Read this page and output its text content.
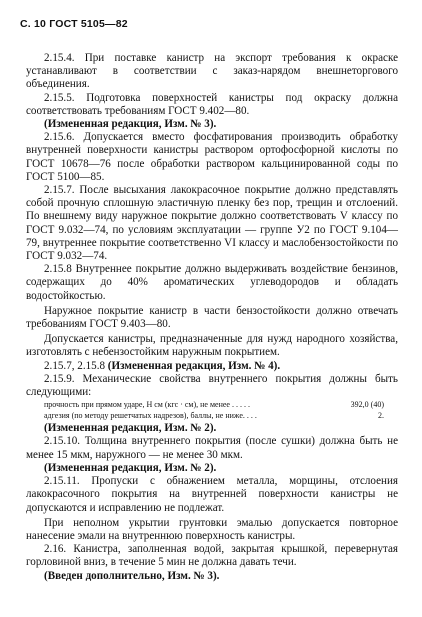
С. 10 ГОСТ 5105—82

2.15.4. При поставке канистр на экспорт требования к окраске устанавливают в соответствии с заказ-нарядом внешнеторгового объединения.

2.15.5. Подготовка поверхностей канистры под окраску должна соответствовать требованиям ГОСТ 9.402—80.

(Измененная редакция, Изм. № 3).

2.15.6. Допускается вместо фосфатирования производить обработку внутренней поверхности канистры раствором ортофосфорной кислоты по ГОСТ 10678—76 после обработки раствором кальцинированной соды по ГОСТ 5100—85.

2.15.7. После высыхания лакокрасочное покрытие должно представлять собой прочную сплошную эластичную пленку без пор, трещин и отслоений. По внешнему виду наружное покрытие должно соответствовать V классу по ГОСТ 9.032—74, по условиям эксплуатации — группе У2 по ГОСТ 9.104—79, внутреннее покрытие соответственно VI классу и маслобензостойкости по ГОСТ 9.032—74.

2.15.8 Внутреннее покрытие должно выдерживать воздействие бензинов, содержащих до 40% ароматических углеводородов и обладать водостойкостью.

Наружное покрытие канистр в части бензостойкости должно отвечать требованиям ГОСТ 9.403—80.

Допускается канистры, предназначенные для нужд народного хозяйства, изготовлять с небензостойким наружным покрытием.

2.15.7, 2.15.8 (Измененная редакция, Изм. № 4).

2.15.9. Механические свойства внутреннего покрытия должны быть следующими:

прочность при прямом ударе, Н см (кгс · см), не менее . . . . .	392,0 (40)
адгезия (по методу решетчатых надрезов), баллы, не ниже. . . .	2.

(Измененная редакция, Изм. № 2).

2.15.10. Толщина внутреннего покрытия (после сушки) должна быть не менее 15 мкм, наружного — не менее 30 мкм.

(Измененная редакция, Изм. № 2).

2.15.11. Пропуски с обнажением металла, морщины, отслоения лакокрасочного покрытия на внутренней поверхности канистры не допускаются и исправлению не подлежат.

При неполном укрытии грунтовки эмалью допускается повторное нанесение эмали на внутреннюю поверхность канистры.

2.16. Канистра, заполненная водой, закрытая крышкой, перевернутая горловиной вниз, в течение 5 мин не должна давать течи.

(Введен дополнительно, Изм. № 3).
